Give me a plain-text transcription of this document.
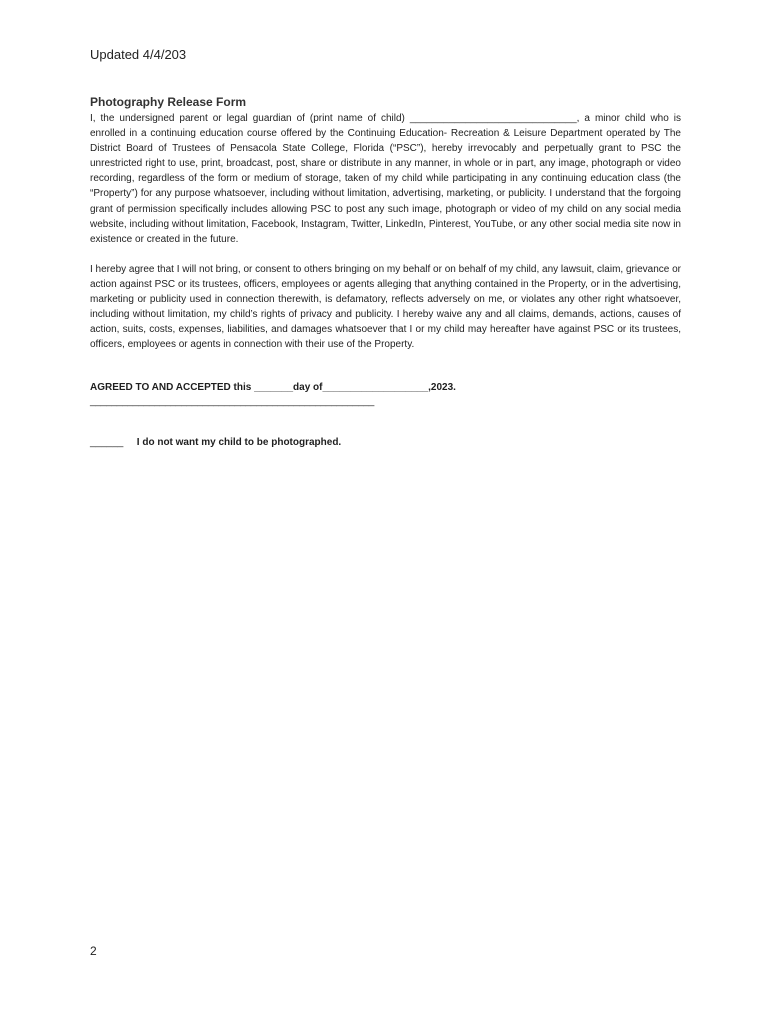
Updated 4/4/203
Photography Release Form
I, the undersigned parent or legal guardian of (print name of child) ______________________________, a minor child who is enrolled in a continuing education course offered by the Continuing Education- Recreation & Leisure Department operated by The District Board of Trustees of Pensacola State College, Florida (“PSC”), hereby irrevocably and perpetually grant to PSC the unrestricted right to use, print, broadcast, post, share or distribute in any manner, in whole or in part, any image, photograph or video recording, regardless of the form or medium of storage, taken of my child while participating in any continuing education class (the “Property”) for any purpose whatsoever, including without limitation, advertising, marketing, or publicity. I understand that the forgoing grant of permission specifically includes allowing PSC to post any such image, photograph or video of my child on any social media website, including without limitation, Facebook, Instagram, Twitter, LinkedIn, Pinterest, YouTube, or any other social media site now in existence or created in the future.
I hereby agree that I will not bring, or consent to others bringing on my behalf or on behalf of my child, any lawsuit, claim, grievance or action against PSC or its trustees, officers, employees or agents alleging that anything contained in the Property, or in the advertising, marketing or publicity used in connection therewith, is defamatory, reflects adversely on me, or violates any other right whatsoever, including without limitation, my child’s rights of privacy and publicity. I hereby waive any and all claims, demands, actions, causes of action, suits, costs, expenses, liabilities, and damages whatsoever that I or my child may hereafter have against PSC or its trustees, officers, employees or agents in connection with their use of the Property.
AGREED TO AND ACCEPTED this _______day of___________________,2023.
_____________________________________________________
______ I do not want my child to be photographed.
2
